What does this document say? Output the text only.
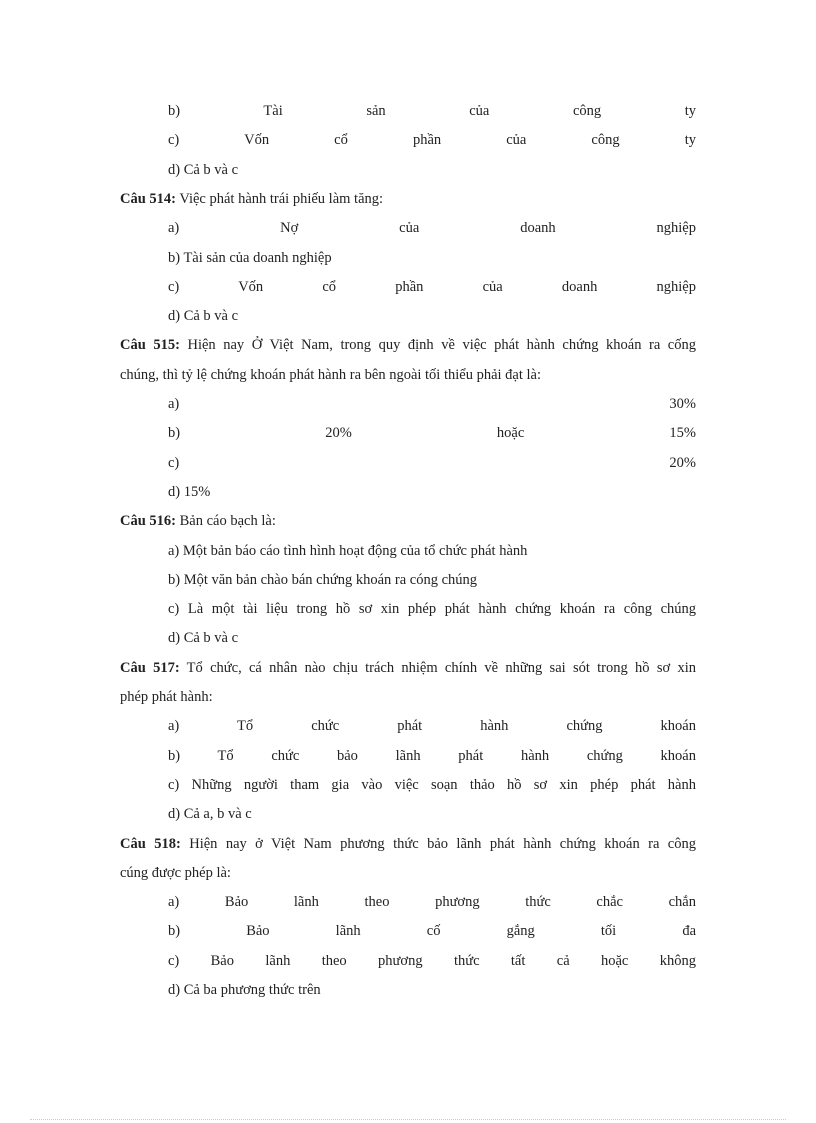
b) Tài sản của công ty
c) Vốn cổ phần của công ty
d) Cả b và c
Câu 514: Việc phát hành trái phiếu làm tăng:
a) Nợ của doanh nghiệp
b) Tài sản của doanh nghiệp
c) Vốn cổ phần của doanh nghiệp
d) Cả b và c
Câu 515: Hiện nay Ở Việt Nam, trong quy định về việc phát hành chứng khoán ra cống
chúng, thì tỷ lệ chứng khoán phát hành ra bên ngoài tối thiểu phải đạt là:
a) 30%
b) 20% hoặc 15%
c) 20%
d) 15%
Câu 516: Bản cáo bạch là:
a) Một bản báo cáo tình hình hoạt động của tổ chức phát hành
b) Một văn bản chào bán chứng khoán ra cóng chúng
c) Là một tài liệu trong hồ sơ xin phép phát hành chứng khoán ra công chúng
d) Cả b và c
Câu 517: Tổ chức, cá nhân nào chịu trách nhiệm chính về những sai sót trong hồ sơ xin
phép phát hành:
a) Tổ chức phát hành chứng khoán
b) Tổ chức bảo lãnh phát hành chứng khoán
c) Những người tham gia vào việc soạn thảo hồ sơ xin phép phát hành
d) Cả a, b và c
Câu 518: Hiện nay ở Việt Nam phương thức bảo lãnh phát hành chứng khoán ra công
cúng được phép là:
a) Bảo lãnh theo phương thức chắc chắn
b) Bảo lãnh cố gắng tối đa
c) Bảo lãnh theo phương thức tất cả hoặc không
d) Cả ba phương thức trên
